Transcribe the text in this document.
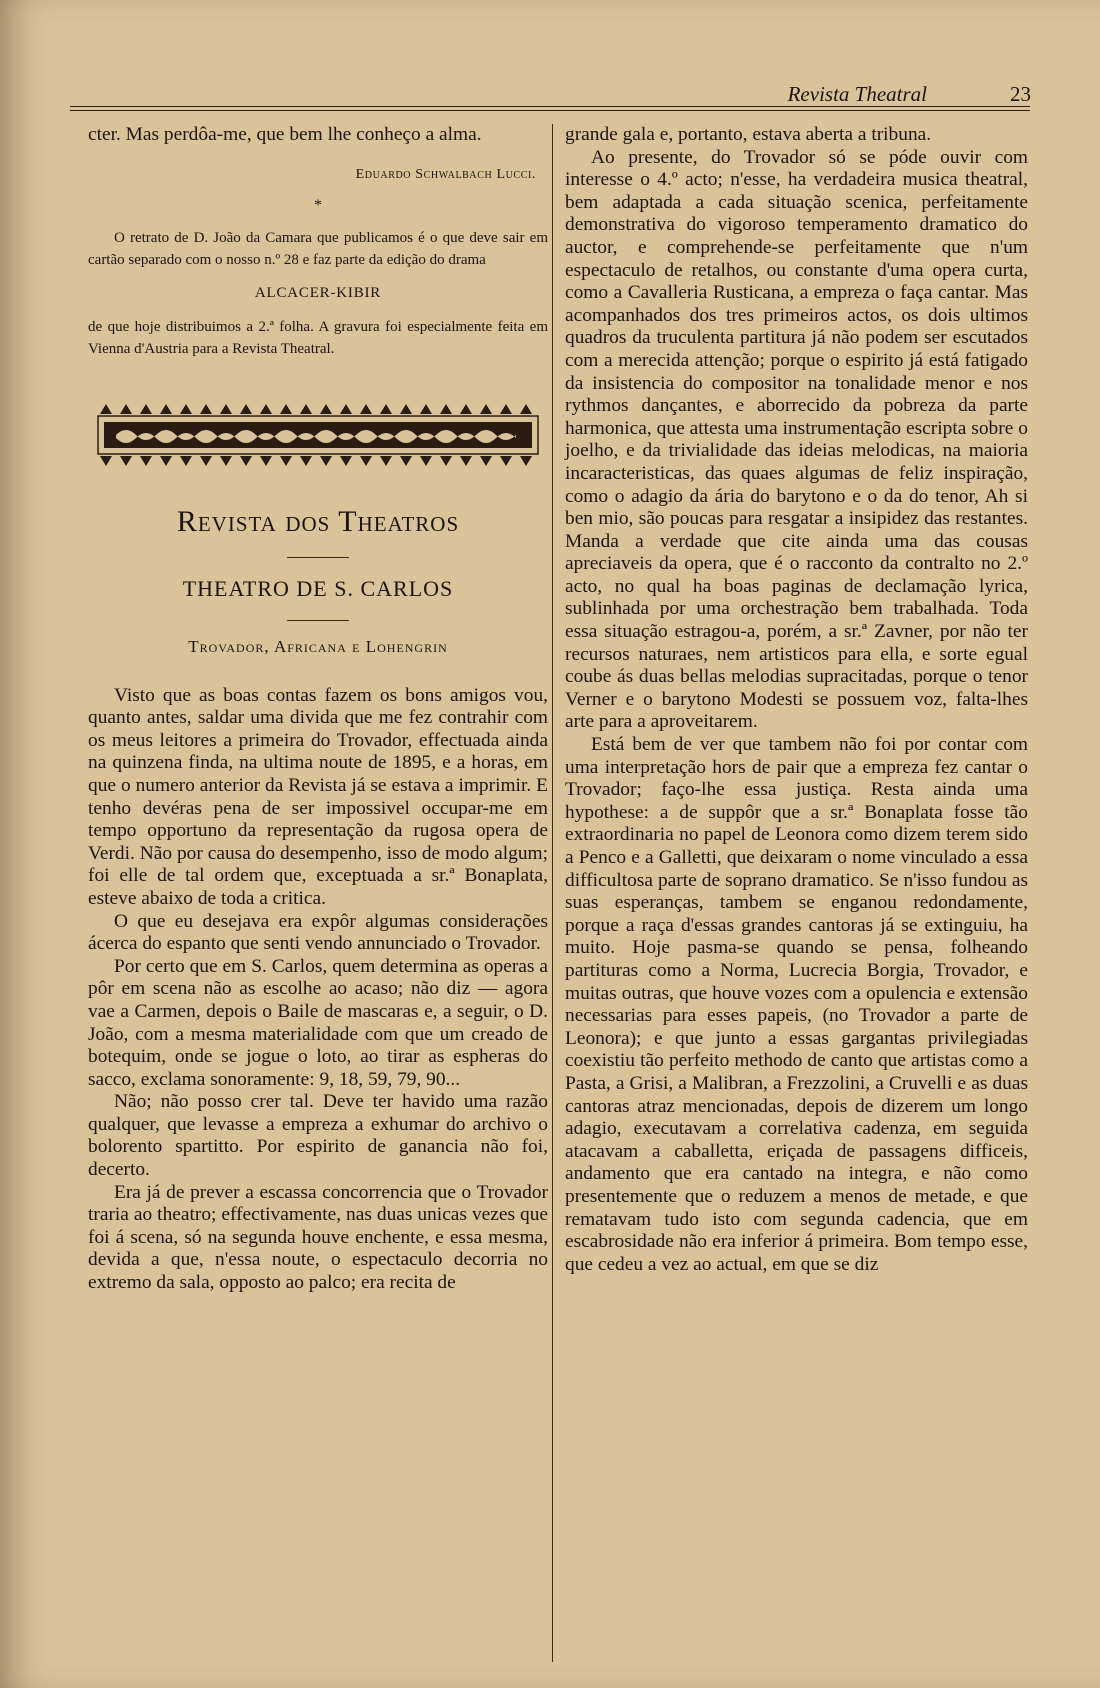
Revista Theatral	23

cter. Mas perdôa-me, que bem lhe conheço a alma.

Eduardo Schwalbach Lucci.
*

O retrato de D. João da Camara que publicamos é o que deve sair em cartão separado com o nosso n.º 28 e faz parte da edição do drama

ALCACER-KIBIR

de que hoje distribuimos a 2.ª folha. A gravura foi especialmente feita em Vienna d'Austria para a Revista Theatral.

Revista dos Theatros
THEATRO DE S. CARLOS
Trovador, Africana e Lohengrin

Visto que as boas contas fazem os bons amigos vou, quanto antes, saldar uma divida que me fez contrahir com os meus leitores a primeira do Trovador, effectuada ainda na quinzena finda, na ultima noute de 1895, e a horas, em que o numero anterior da Revista já se estava a imprimir. E tenho devéras pena de ser impossivel occupar-me em tempo opportuno da representação da rugosa opera de Verdi. Não por causa do desempenho, isso de modo algum; foi elle de tal ordem que, exceptuada a sr.ª Bonaplata, esteve abaixo de toda a critica.

O que eu desejava era expôr algumas considerações ácerca do espanto que senti vendo annunciado o Trovador.

Por certo que em S. Carlos, quem determina as operas a pôr em scena não as escolhe ao acaso; não diz — agora vae a Carmen, depois o Baile de mascaras e, a seguir, o D. João, com a mesma materialidade com que um creado de botequim, onde se jogue o loto, ao tirar as espheras do sacco, exclama sonoramente: 9, 18, 59, 79, 90...

Não; não posso crer tal. Deve ter havido uma razão qualquer, que levasse a empreza a exhumar do archivo o bolorento spartitto. Por espirito de ganancia não foi, decerto.

Era já de prever a escassa concorrencia que o Trovador traria ao theatro; effectivamente, nas duas unicas vezes que foi á scena, só na segunda houve enchente, e essa mesma, devida a que, n'essa noute, o espectaculo decorria no extremo da sala, opposto ao palco; era recita de

grande gala e, portanto, estava aberta a tribuna.

Ao presente, do Trovador só se póde ouvir com interesse o 4.º acto; n'esse, ha verdadeira musica theatral, bem adaptada a cada situação scenica, perfeitamente demonstrativa do vigoroso temperamento dramatico do auctor, e comprehende-se perfeitamente que n'um espectaculo de retalhos, ou constante d'uma opera curta, como a Cavalleria Rusticana, a empreza o faça cantar. Mas acompanhados dos tres primeiros actos, os dois ultimos quadros da truculenta partitura já não podem ser escutados com a merecida attenção; porque o espirito já está fatigado da insistencia do compositor na tonalidade menor e nos rythmos dançantes, e aborrecido da pobreza da parte harmonica, que attesta uma instrumentação escripta sobre o joelho, e da trivialidade das ideias melodicas, na maioria incaracteristicas, das quaes algumas de feliz inspiração, como o adagio da ária do barytono e o da do tenor, Ah si ben mio, são poucas para resgatar a insipidez das restantes. Manda a verdade que cite ainda uma das cousas apreciaveis da opera, que é o racconto da contralto no 2.º acto, no qual ha boas paginas de declamação lyrica, sublinhada por uma orchestração bem trabalhada. Toda essa situação estragou-a, porém, a sr.ª Zavner, por não ter recursos naturaes, nem artisticos para ella, e sorte egual coube ás duas bellas melodias supracitadas, porque o tenor Verner e o barytono Modesti se possuem voz, falta-lhes arte para a aproveitarem.

Está bem de ver que tambem não foi por contar com uma interpretação hors de pair que a empreza fez cantar o Trovador; faço-lhe essa justiça. Resta ainda uma hypothese: a de suppôr que a sr.ª Bonaplata fosse tão extraordinaria no papel de Leonora como dizem terem sido a Penco e a Galletti, que deixaram o nome vinculado a essa difficultosa parte de soprano dramatico. Se n'isso fundou as suas esperanças, tambem se enganou redondamente, porque a raça d'essas grandes cantoras já se extinguiu, ha muito. Hoje pasma-se quando se pensa, folheando partituras como a Norma, Lucrecia Borgia, Trovador, e muitas outras, que houve vozes com a opulencia e extensão necessarias para esses papeis, (no Trovador a parte de Leonora); e que junto a essas gargantas privilegiadas coexistiu tão perfeito methodo de canto que artistas como a Pasta, a Grisi, a Malibran, a Frezzolini, a Cruvelli e as duas cantoras atraz mencionadas, depois de dizerem um longo adagio, executavam a correlativa cadenza, em seguida atacavam a caballetta, eriçada de passagens difficeis, andamento que era cantado na integra, e não como presentemente que o reduzem a menos de metade, e que rematavam tudo isto com segunda cadencia, que em escabrosidade não era inferior á primeira. Bom tempo esse, que cedeu a vez ao actual, em que se diz
